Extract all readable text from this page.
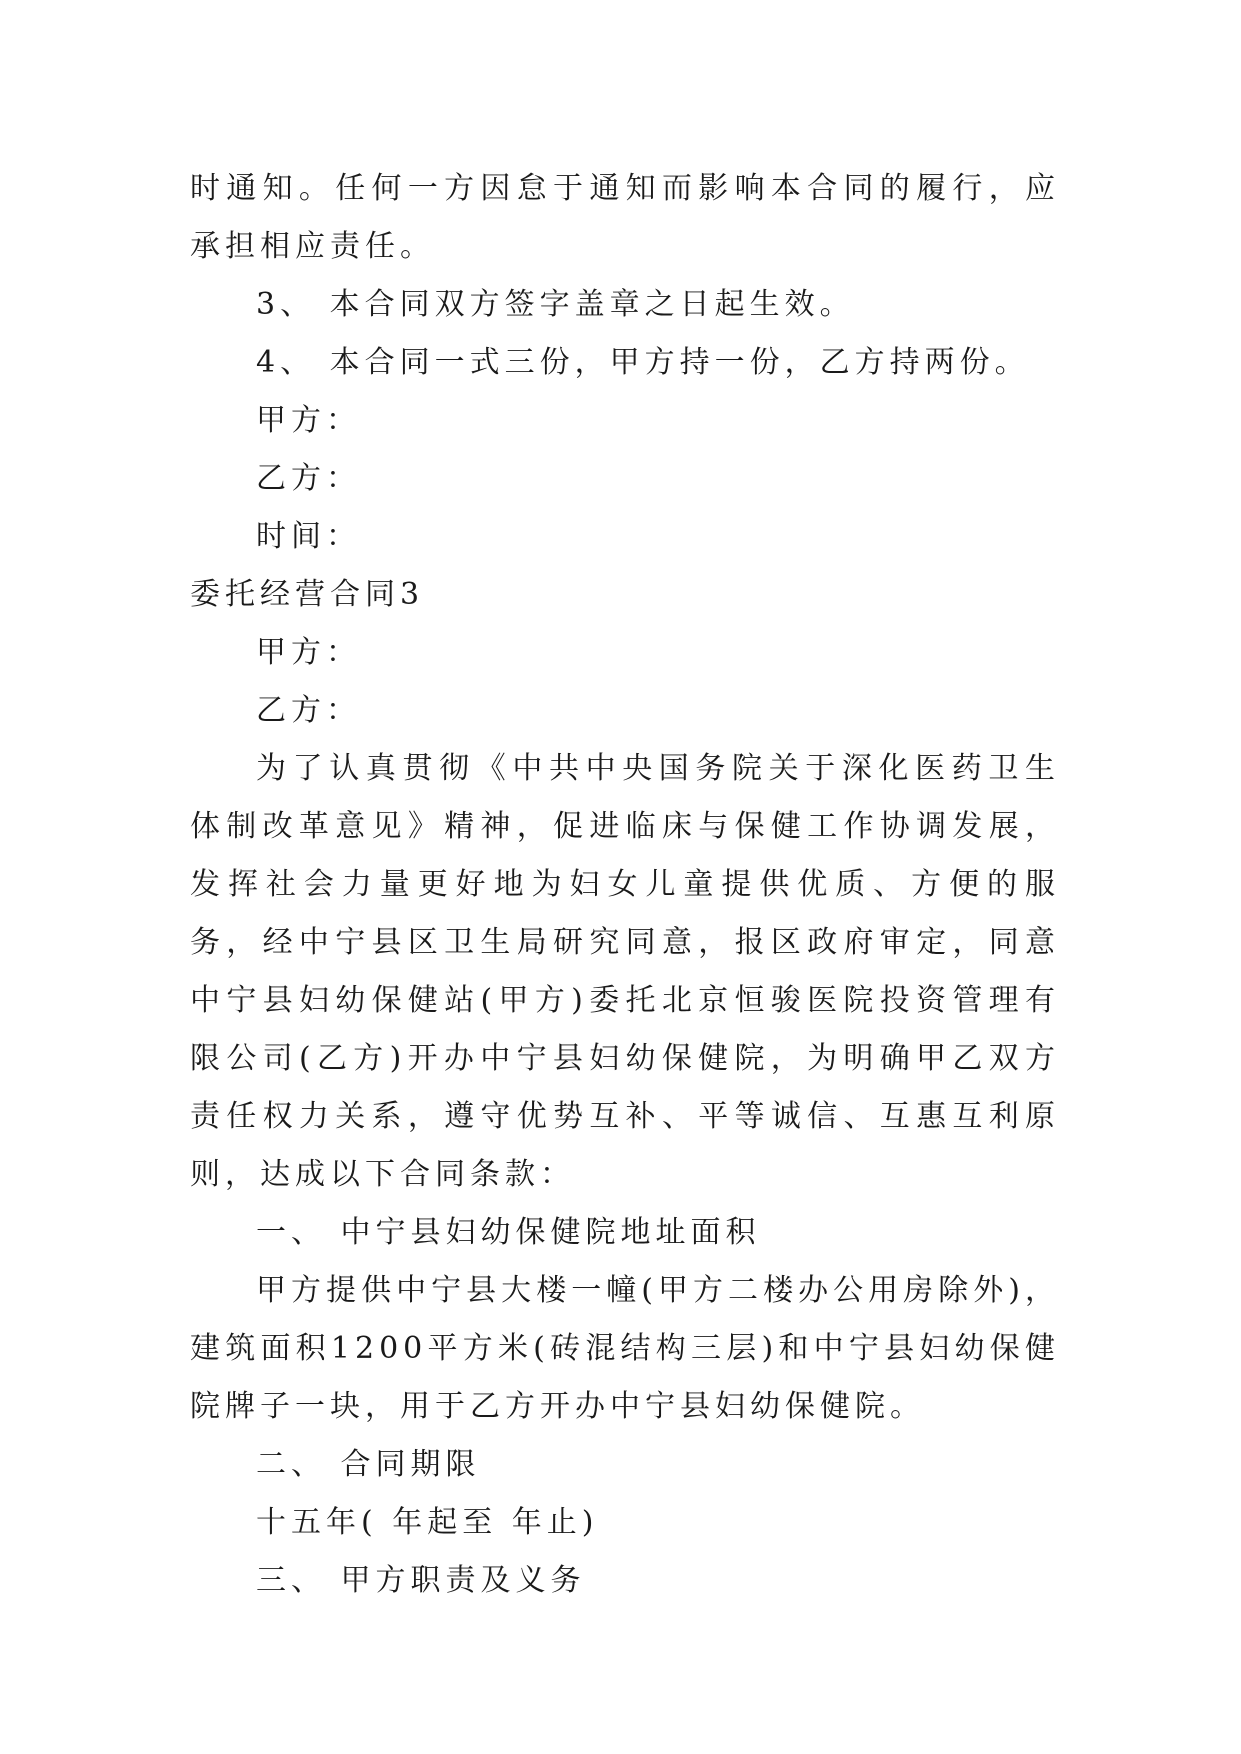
时通知。任何一方因怠于通知而影响本合同的履行，应承担相应责任。

3、 本合同双方签字盖章之日起生效。

4、 本合同一式三份，甲方持一份，乙方持两份。

甲方：

乙方：

时间：

委托经营合同3

甲方：

乙方：

为了认真贯彻《中共中央国务院关于深化医药卫生体制改革意见》精神，促进临床与保健工作协调发展，发挥社会力量更好地为妇女儿童提供优质、方便的服务，经中宁县区卫生局研究同意，报区政府审定，同意中宁县妇幼保健站(甲方)委托北京恒骏医院投资管理有限公司(乙方)开办中宁县妇幼保健院，为明确甲乙双方责任权力关系，遵守优势互补、平等诚信、互惠互利原则，达成以下合同条款：

一、 中宁县妇幼保健院地址面积

甲方提供中宁县大楼一幢(甲方二楼办公用房除外)，建筑面积1200平方米(砖混结构三层)和中宁县妇幼保健院牌子一块，用于乙方开办中宁县妇幼保健院。

二、 合同期限

十五年( 年起至 年止)

三、 甲方职责及义务
